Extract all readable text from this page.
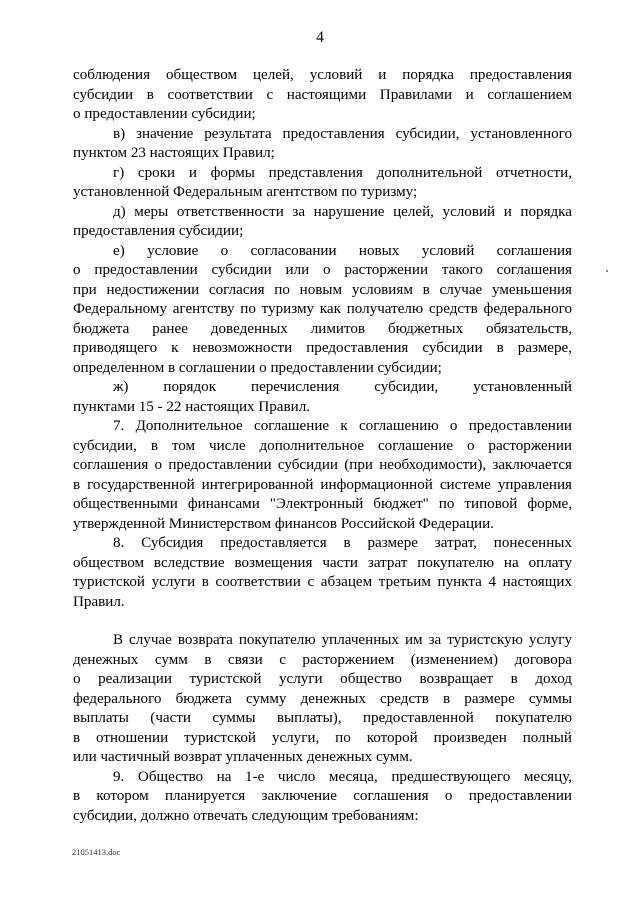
4
соблюдения обществом целей, условий и порядка предоставления
субсидии в соответствии с настоящими Правилами и соглашением
о предоставлении субсидии;
в) значение результата предоставления субсидии, установленного
пунктом 23 настоящих Правил;
г) сроки и формы представления дополнительной отчетности,
установленной Федеральным агентством по туризму;
д) меры ответственности за нарушение целей, условий и порядка
предоставления субсидии;
е) условие о согласовании новых условий соглашения
о предоставлении субсидии или о расторжении такого соглашения
при недостижении согласия по новым условиям в случае уменьшения
Федеральному агентству по туризму как получателю средств федерального
бюджета ранее доведенных лимитов бюджетных обязательств,
приводящего к невозможности предоставления субсидии в размере,
определенном в соглашении о предоставлении субсидии;
ж) порядок перечисления субсидии, установленный
пунктами 15 - 22 настоящих Правил.
7. Дополнительное соглашение к соглашению о предоставлении
субсидии, в том числе дополнительное соглашение о расторжении
соглашения о предоставлении субсидии (при необходимости), заключается
в государственной интегрированной информационной системе управления
общественными финансами "Электронный бюджет" по типовой форме,
утвержденной Министерством финансов Российской Федерации.
8. Субсидия предоставляется в размере затрат, понесенных
обществом вследствие возмещения части затрат покупателю на оплату
туристской услуги в соответствии с абзацем третьим пункта 4 настоящих
Правил.
В случае возврата покупателю уплаченных им за туристскую услугу
денежных сумм в связи с расторжением (изменением) договора
о реализации туристской услуги общество возвращает в доход
федерального бюджета сумму денежных средств в размере суммы
выплаты (части суммы выплаты), предоставленной покупателю
в отношении туристской услуги, по которой произведен полный
или частичный возврат уплаченных денежных сумм.
9. Общество на 1-е число месяца, предшествующего месяцу,
в котором планируется заключение соглашения о предоставлении
субсидии, должно отвечать следующим требованиям:
21051413.doc
